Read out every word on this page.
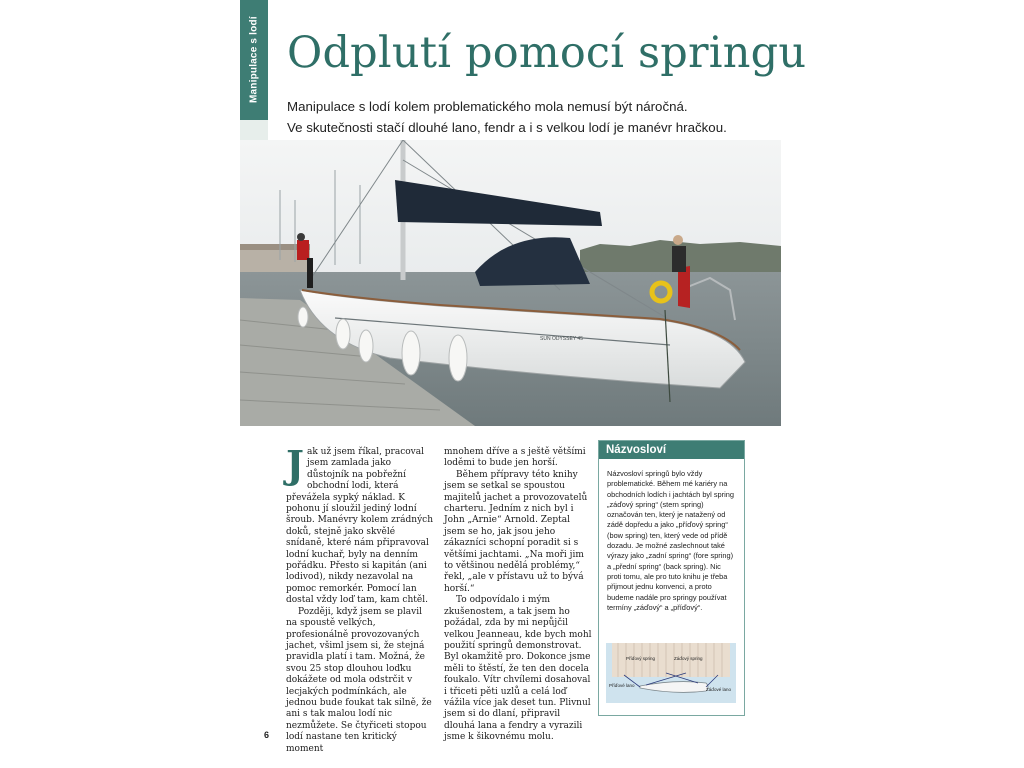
Manipulace s lodí Odplutí pomocí springu
Manipulace s lodí kolem problematického mola nemusí být náročná.
Ve skutečnosti stačí dlouhé lano, fendr a i s velkou lodí je manévr hračkou.
SUN ODYSSEY 45
J ak už jsem říkal, pracoval jsem zamlada jako důstojník na pobřežní obchodní lodi, která převážela sypký náklad. K pohonu jí sloužil jediný lodní šroub. Manévry kolem zrádných doků, stejně jako skvělé snídaně, které nám připravoval lodní kuchař, byly na denním pořádku. Přesto si kapitán (ani lodivod), nikdy nezavolal na pomoc remorkér. Pomocí lan dostal vždy loď tam, kam chtěl.

Později, když jsem se plavil na spoustě velkých, profesionálně provozovaných jachet, všiml jsem si, že stejná pravidla platí i tam. Možná, že svou 25 stop dlouhou loďku dokážete od mola odstrčit v lecjakých podmínkách, ale jednou bude foukat tak silně, že ani s tak malou lodí nic nezmůžete. Se čtyřiceti stopou lodí nastane ten kritický moment

mnohem dříve a s ještě většími loděmi to bude jen horší.

Během přípravy této knihy jsem se setkal se spoustou majitelů jachet a provozovatelů charteru. Jedním z nich byl i John „Arnie“ Arnold. Zeptal jsem se ho, jak jsou jeho zákazníci schopní poradit si s většími jachtami. „Na moři jim to většinou nedělá problémy,“ řekl, „ale v přístavu už to bývá horší.“

To odpovídalo i mým zkušenostem, a tak jsem ho požádal, zda by mi nepůjčil velkou Jeanneau, kde bych mohl použití springů demonstrovat. Byl okamžitě pro. Dokonce jsme měli to štěstí, že ten den docela foukalo. Vítr chvílemi dosahoval i třiceti pěti uzlů a celá loď vážila více jak deset tun. Plivnul jsem si do dlaní, připravil dlouhá lana a fendry a vyrazili jsme k šikovnému molu.

Názvosloví
Názvosloví springů bylo vždy problematické. Během mé kariéry na obchodních lodích i jachtách byl spring „záďový spring“ (stern spring) označován ten, který je natažený od zádě dopředu a jako „příďový spring“ (bow spring) ten, který vede od přídě dozadu. Je možné zaslechnout také výrazy jako „zadní spring“ (fore spring) a „přední spring“ (back spring). Nic proti tomu, ale pro tuto knihu je třeba přijmout jednu konvenci, a proto budeme nadále pro springy používat termíny „záďový“ a „příďový“.
Příďový spring	Záďový spring
Příďové lano
Záďové lano
6
